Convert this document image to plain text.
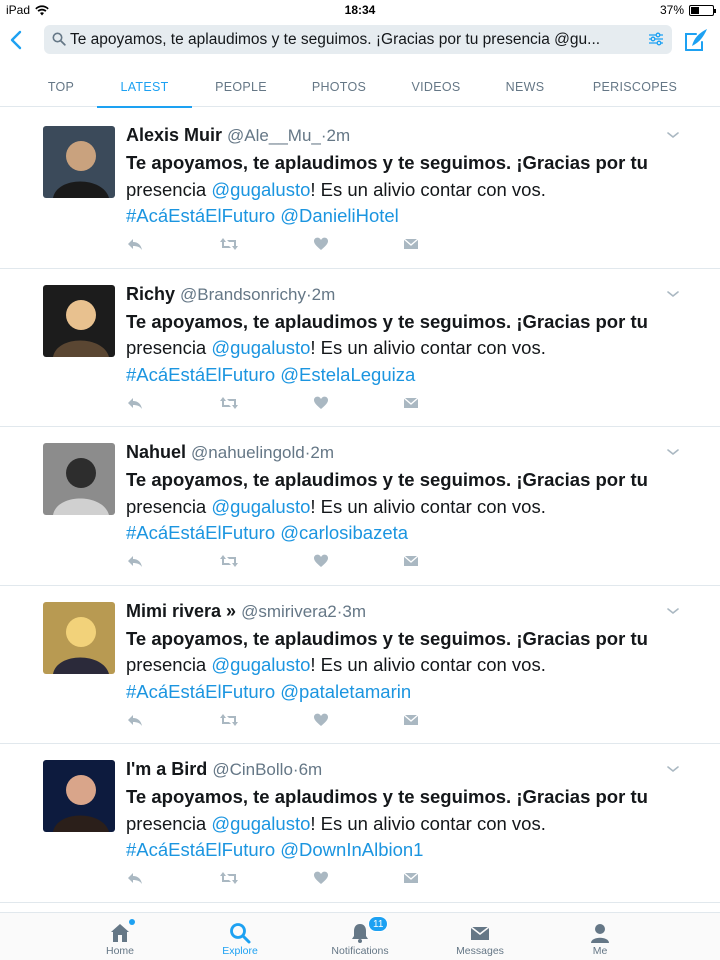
iPad	18:34	37%
Te apoyamos, te aplaudimos y te seguimos. ¡Gracias por tu presencia @gu...
TOP	LATEST	PEOPLE	PHOTOS	VIDEOS	NEWS	PERISCOPES
Alexis Muir @Ale__Mu_·2m
Te apoyamos, te aplaudimos y te seguimos. ¡Gracias por tu
presencia @gugalusto! Es un alivio contar con vos.
#AcáEstáElFuturo @DanieliHotel
Richy @Brandsonrichy·2m
Te apoyamos, te aplaudimos y te seguimos. ¡Gracias por tu
presencia @gugalusto! Es un alivio contar con vos.
#AcáEstáElFuturo @EstelaLeguiza
Nahuel @nahuelingold·2m
Te apoyamos, te aplaudimos y te seguimos. ¡Gracias por tu
presencia @gugalusto! Es un alivio contar con vos.
#AcáEstáElFuturo @carlosibazeta
Mimi rivera » @smirivera2·3m
Te apoyamos, te aplaudimos y te seguimos. ¡Gracias por tu
presencia @gugalusto! Es un alivio contar con vos.
#AcáEstáElFuturo @pataletamarin
I'm a Bird @CinBollo·6m
Te apoyamos, te aplaudimos y te seguimos. ¡Gracias por tu
presencia @gugalusto! Es un alivio contar con vos.
#AcáEstáElFuturo @DownInAlbion1
Home	Explore
11
Notifications	Messages	Me
